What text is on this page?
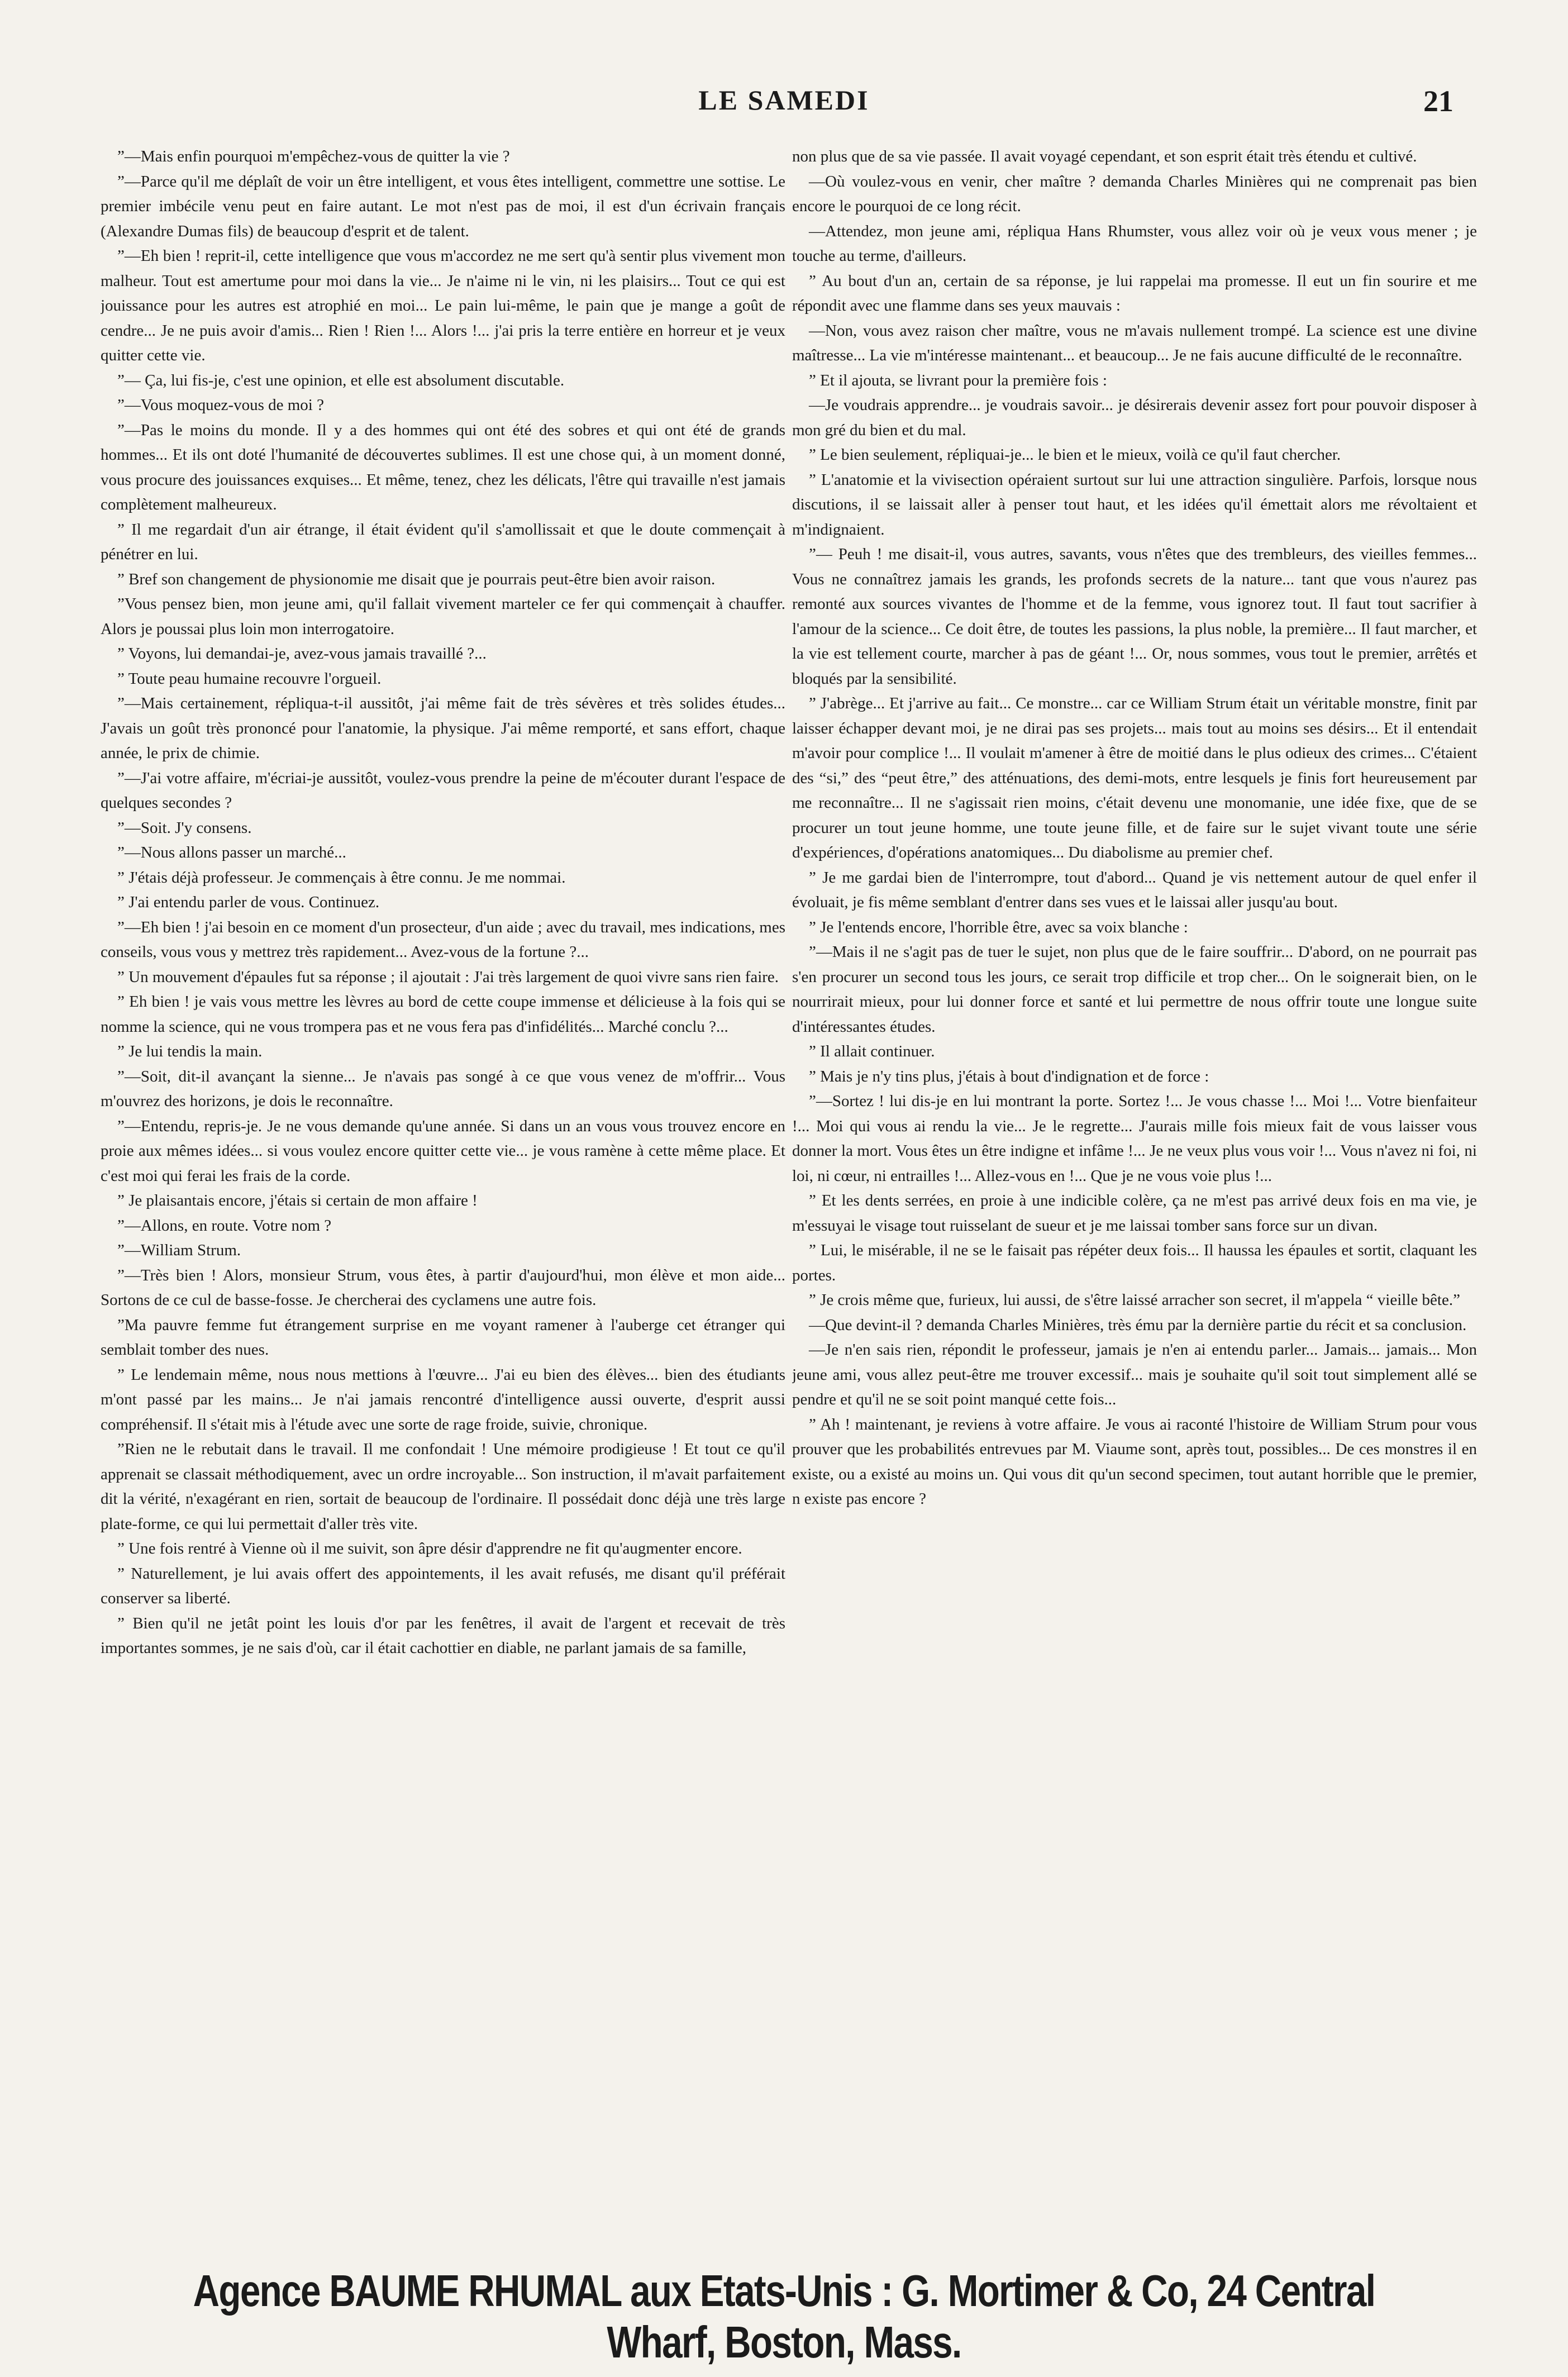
LE SAMEDI	21

”—Mais enfin pourquoi m'empêchez-vous de quitter la vie ?

”—Parce qu'il me déplaît de voir un être intelligent, et vous êtes intelligent, commettre une sottise. Le premier imbécile venu peut en faire autant. Le mot n'est pas de moi, il est d'un écrivain français (Alexandre Dumas fils) de beaucoup d'esprit et de talent.

”—Eh bien ! reprit-il, cette intelligence que vous m'accordez ne me sert qu'à sentir plus vivement mon malheur. Tout est amertume pour moi dans la vie... Je n'aime ni le vin, ni les plaisirs... Tout ce qui est jouissance pour les autres est atrophié en moi... Le pain lui-même, le pain que je mange a goût de cendre... Je ne puis avoir d'amis... Rien ! Rien !... Alors !... j'ai pris la terre entière en horreur et je veux quitter cette vie.

”— Ça, lui fis-je, c'est une opinion, et elle est absolument discutable.

”—Vous moquez-vous de moi ?

”—Pas le moins du monde. Il y a des hommes qui ont été des sobres et qui ont été de grands hommes... Et ils ont doté l'humanité de découvertes sublimes. Il est une chose qui, à un moment donné, vous procure des jouissances exquises... Et même, tenez, chez les délicats, l'être qui travaille n'est jamais complètement malheureux.

” Il me regardait d'un air étrange, il était évident qu'il s'amollissait et que le doute commençait à pénétrer en lui.

” Bref son changement de physionomie me disait que je pourrais peut-être bien avoir raison.

”Vous pensez bien, mon jeune ami, qu'il fallait vivement marteler ce fer qui commençait à chauffer. Alors je poussai plus loin mon interrogatoire.

” Voyons, lui demandai-je, avez-vous jamais travaillé ?...

” Toute peau humaine recouvre l'orgueil.

”—Mais certainement, répliqua-t-il aussitôt, j'ai même fait de très sévères et très solides études... J'avais un goût très prononcé pour l'anatomie, la physique. J'ai même remporté, et sans effort, chaque année, le prix de chimie.

”—J'ai votre affaire, m'écriai-je aussitôt, voulez-vous prendre la peine de m'écouter durant l'espace de quelques secondes ?

”—Soit. J'y consens.

”—Nous allons passer un marché...

” J'étais déjà professeur. Je commençais à être connu. Je me nommai.

” J'ai entendu parler de vous. Continuez.

”—Eh bien ! j'ai besoin en ce moment d'un prosecteur, d'un aide ; avec du travail, mes indications, mes conseils, vous vous y mettrez très rapidement... Avez-vous de la fortune ?...

” Un mouvement d'épaules fut sa réponse ; il ajoutait : J'ai très largement de quoi vivre sans rien faire.

” Eh bien ! je vais vous mettre les lèvres au bord de cette coupe immense et délicieuse à la fois qui se nomme la science, qui ne vous trompera pas et ne vous fera pas d'infidélités... Marché conclu ?...

” Je lui tendis la main.

”—Soit, dit-il avançant la sienne... Je n'avais pas songé à ce que vous venez de m'offrir... Vous m'ouvrez des horizons, je dois le reconnaître.

”—Entendu, repris-je. Je ne vous demande qu'une année. Si dans un an vous vous trouvez encore en proie aux mêmes idées... si vous voulez encore quitter cette vie... je vous ramène à cette même place. Et c'est moi qui ferai les frais de la corde.

” Je plaisantais encore, j'étais si certain de mon affaire !

”—Allons, en route. Votre nom ?

”—William Strum.

”—Très bien ! Alors, monsieur Strum, vous êtes, à partir d'aujourd'hui, mon élève et mon aide... Sortons de ce cul de basse-fosse. Je chercherai des cyclamens une autre fois.

”Ma pauvre femme fut étrangement surprise en me voyant ramener à l'auberge cet étranger qui semblait tomber des nues.

” Le lendemain même, nous nous mettions à l'œuvre... J'ai eu bien des élèves... bien des étudiants m'ont passé par les mains... Je n'ai jamais rencontré d'intelligence aussi ouverte, d'esprit aussi compréhensif. Il s'était mis à l'étude avec une sorte de rage froide, suivie, chronique.

”Rien ne le rebutait dans le travail. Il me confondait ! Une mémoire prodigieuse ! Et tout ce qu'il apprenait se classait méthodiquement, avec un ordre incroyable... Son instruction, il m'avait parfaitement dit la vérité, n'exagérant en rien, sortait de beaucoup de l'ordinaire. Il possédait donc déjà une très large plate-forme, ce qui lui permettait d'aller très vite.

” Une fois rentré à Vienne où il me suivit, son âpre désir d'apprendre ne fit qu'augmenter encore.

” Naturellement, je lui avais offert des appointements, il les avait refusés, me disant qu'il préférait conserver sa liberté.

” Bien qu'il ne jetât point les louis d'or par les fenêtres, il avait de l'argent et recevait de très importantes sommes, je ne sais d'où, car il était cachottier en diable, ne parlant jamais de sa famille,

non plus que de sa vie passée. Il avait voyagé cependant, et son esprit était très étendu et cultivé.

—Où voulez-vous en venir, cher maître ? demanda Charles Minières qui ne comprenait pas bien encore le pourquoi de ce long récit.

—Attendez, mon jeune ami, répliqua Hans Rhumster, vous allez voir où je veux vous mener ; je touche au terme, d'ailleurs.

” Au bout d'un an, certain de sa réponse, je lui rappelai ma promesse. Il eut un fin sourire et me répondit avec une flamme dans ses yeux mauvais :

—Non, vous avez raison cher maître, vous ne m'avais nullement trompé. La science est une divine maîtresse... La vie m'intéresse maintenant... et beaucoup... Je ne fais aucune difficulté de le reconnaître.

” Et il ajouta, se livrant pour la première fois :

—Je voudrais apprendre... je voudrais savoir... je désirerais devenir assez fort pour pouvoir disposer à mon gré du bien et du mal.

” Le bien seulement, répliquai-je... le bien et le mieux, voilà ce qu'il faut chercher.

” L'anatomie et la vivisection opéraient surtout sur lui une attraction singulière. Parfois, lorsque nous discutions, il se laissait aller à penser tout haut, et les idées qu'il émettait alors me révoltaient et m'indignaient.

”— Peuh ! me disait-il, vous autres, savants, vous n'êtes que des trembleurs, des vieilles femmes... Vous ne connaîtrez jamais les grands, les profonds secrets de la nature... tant que vous n'aurez pas remonté aux sources vivantes de l'homme et de la femme, vous ignorez tout. Il faut tout sacrifier à l'amour de la science... Ce doit être, de toutes les passions, la plus noble, la première... Il faut marcher, et la vie est tellement courte, marcher à pas de géant !... Or, nous sommes, vous tout le premier, arrêtés et bloqués par la sensibilité.

” J'abrège... Et j'arrive au fait... Ce monstre... car ce William Strum était un véritable monstre, finit par laisser échapper devant moi, je ne dirai pas ses projets... mais tout au moins ses désirs... Et il entendait m'avoir pour complice !... Il voulait m'amener à être de moitié dans le plus odieux des crimes... C'étaient des “si,” des “peut être,” des atténuations, des demi-mots, entre lesquels je finis fort heureusement par me reconnaître... Il ne s'agissait rien moins, c'était devenu une monomanie, une idée fixe, que de se procurer un tout jeune homme, une toute jeune fille, et de faire sur le sujet vivant toute une série d'expériences, d'opérations anatomiques... Du diabolisme au premier chef.

” Je me gardai bien de l'interrompre, tout d'abord... Quand je vis nettement autour de quel enfer il évoluait, je fis même semblant d'entrer dans ses vues et le laissai aller jusqu'au bout.

” Je l'entends encore, l'horrible être, avec sa voix blanche :

”—Mais il ne s'agit pas de tuer le sujet, non plus que de le faire souffrir... D'abord, on ne pourrait pas s'en procurer un second tous les jours, ce serait trop difficile et trop cher... On le soignerait bien, on le nourrirait mieux, pour lui donner force et santé et lui permettre de nous offrir toute une longue suite d'intéressantes études.

” Il allait continuer.

” Mais je n'y tins plus, j'étais à bout d'indignation et de force :

”—Sortez ! lui dis-je en lui montrant la porte. Sortez !... Je vous chasse !... Moi !... Votre bienfaiteur !... Moi qui vous ai rendu la vie... Je le regrette... J'aurais mille fois mieux fait de vous laisser vous donner la mort. Vous êtes un être indigne et infâme !... Je ne veux plus vous voir !... Vous n'avez ni foi, ni loi, ni cœur, ni entrailles !... Allez-vous en !... Que je ne vous voie plus !...

” Et les dents serrées, en proie à une indicible colère, ça ne m'est pas arrivé deux fois en ma vie, je m'essuyai le visage tout ruisselant de sueur et je me laissai tomber sans force sur un divan.

” Lui, le misérable, il ne se le faisait pas répéter deux fois... Il haussa les épaules et sortit, claquant les portes.

” Je crois même que, furieux, lui aussi, de s'être laissé arracher son secret, il m'appela “ vieille bête.”

—Que devint-il ? demanda Charles Minières, très ému par la dernière partie du récit et sa conclusion.

—Je n'en sais rien, répondit le professeur, jamais je n'en ai entendu parler... Jamais... jamais... Mon jeune ami, vous allez peut-être me trouver excessif... mais je souhaite qu'il soit tout simplement allé se pendre et qu'il ne se soit point manqué cette fois...

” Ah ! maintenant, je reviens à votre affaire. Je vous ai raconté l'histoire de William Strum pour vous prouver que les probabilités entrevues par M. Viaume sont, après tout, possibles... De ces monstres il en existe, ou a existé au moins un. Qui vous dit qu'un second specimen, tout autant horrible que le premier, n existe pas encore ?

Agence BAUME RHUMAL aux Etats-Unis : G. Mortimer & Co, 24 Central Wharf, Boston, Mass.
